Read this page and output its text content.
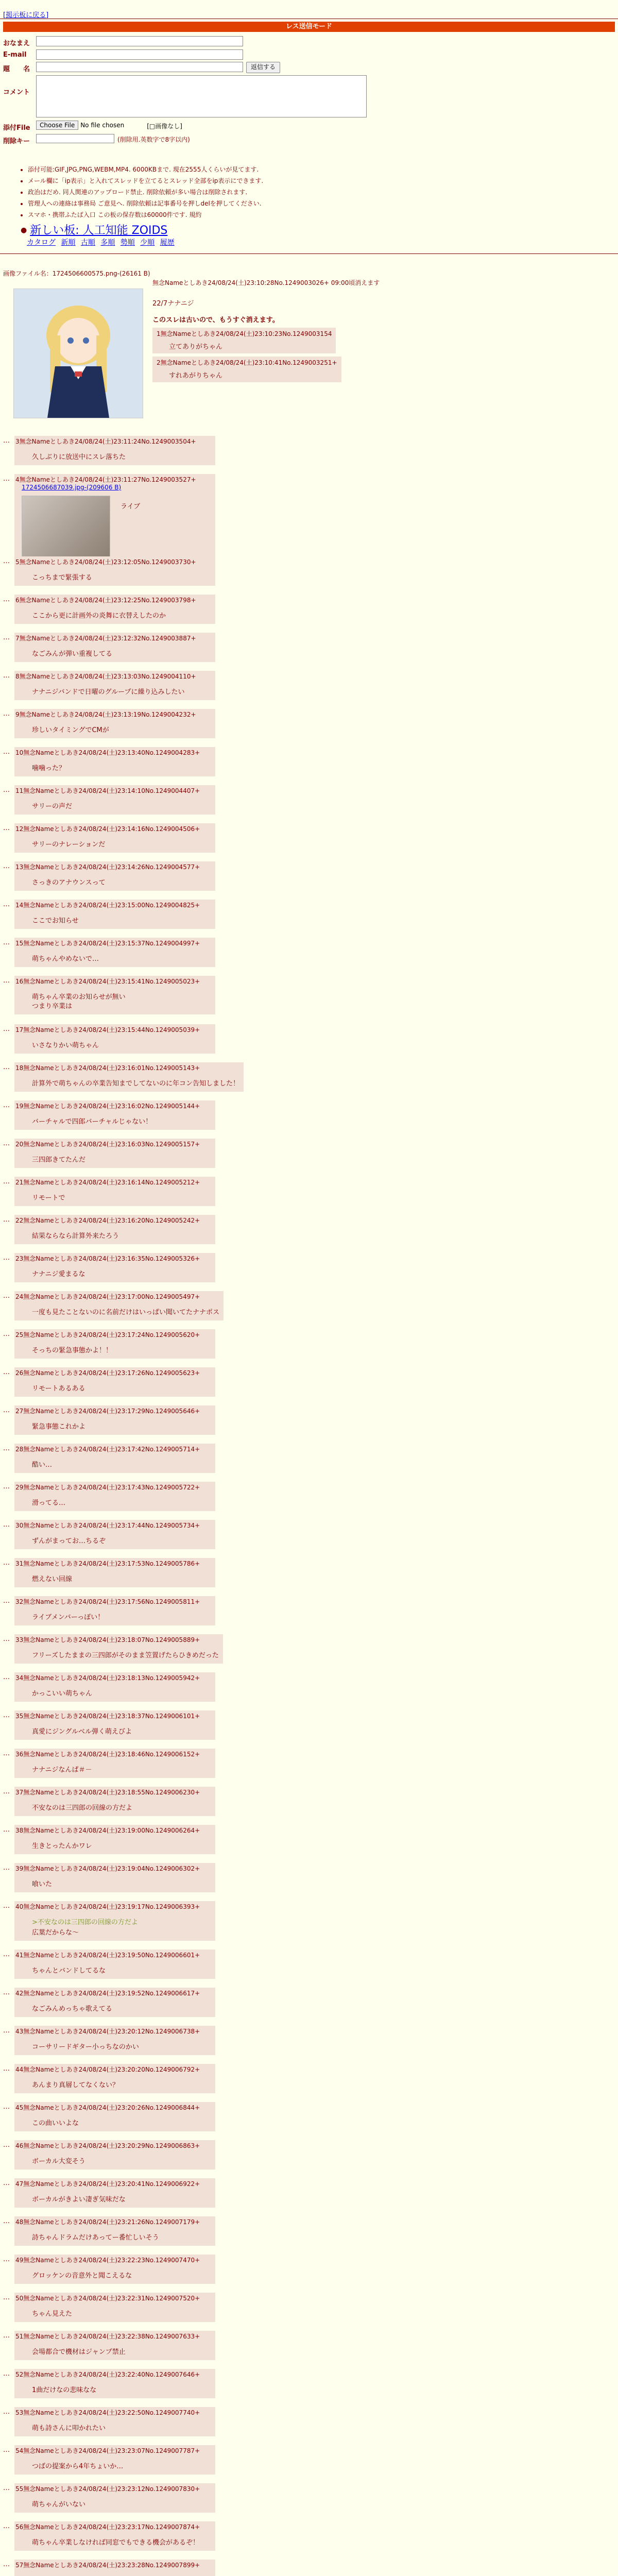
[掲示板に戻る]
レス送信モード
おなまえ
E-mail
題　　名	返信する
コメント
添付File	Choose File No file chosen	[□画像なし]
削除キー	(削除用.英数字で8字以内)
• 添付可能:GIF,JPG,PNG,WEBM,MP4. 6000KBまで. 現在2555人くらいが見てます.
• メール欄に「ip表示」と入れてスレッドを立てるとスレッド全部をip表示にできます.
• 政治はだめ. 同人関連のアップロード禁止. 削除依頼が多い場合は削除されます.
• 管理人への連絡は事務局 ご意見へ. 削除依頼は記事番号を押しdelを押してください.
• スマホ・携帯ふたば入口 この板の保存数は60000件です. 規約
● 新しい板: 人工知能 ZOIDS
カタログ 新順 古順 多順 勢順 少順 履歴
画像ファイル名：1724506600575.png-(26161 B)
無念Nameとしあき24/08/24(土)23:10:28No.1249003026+ 09:00頃消えます
22/7ナナニジ
このスレは古いので、もうすぐ消えます。
1無念Nameとしあき24/08/24(土)23:10:23No.1249003154
立てありがちゃん

2無念Nameとしあき24/08/24(土)23:10:41No.1249003251+
すれあがりちゃん
… 3無念Nameとしあき24/08/24(土)23:11:24No.1249003504+
久しぶりに放送中にスレ落ちた
… 4無念Nameとしあき24/08/24(土)23:11:27No.1249003527+
1724506687039.jpg-(209606 B)
ライブ
… 5無念Nameとしあき24/08/24(土)23:12:05No.1249003730+
こっちまで緊張する
… 6無念Nameとしあき24/08/24(土)23:12:25No.1249003798+
ここから更に計画外の炎舞に衣替えしたのか
… 7無念Nameとしあき24/08/24(土)23:12:32No.1249003887+
なごみんが弾い重複してる
… 8無念Nameとしあき24/08/24(土)23:13:03No.1249004110+
ナナニジバンドで日曜のグループに繰り込みしたい
… 9無念Nameとしあき24/08/24(土)23:13:19No.1249004232+
珍しいタイミングでCMが
… 10無念Nameとしあき24/08/24(土)23:13:40No.1249004283+
噛噛った？
… 11無念Nameとしあき24/08/24(土)23:14:10No.1249004407+
サリーの声だ
… 12無念Nameとしあき24/08/24(土)23:14:16No.1249004506+
サリーのナレーションだ
… 13無念Nameとしあき24/08/24(土)23:14:26No.1249004577+
さっきのアナウンスって
… 14無念Nameとしあき24/08/24(土)23:15:00No.1249004825+
ここでお知らせ
… 15無念Nameとしあき24/08/24(土)23:15:37No.1249004997+
萌ちゃんやめないで…
… 16無念Nameとしあき24/08/24(土)23:15:41No.1249005023+
萌ちゃん卒業のお知らせが無い
つまり卒業は
… 17無念Nameとしあき24/08/24(土)23:15:44No.1249005039+
いさなりかい萌ちゃん
… 18無念Nameとしあき24/08/24(土)23:16:01No.1249005143+
計算外で萌ちゃんの卒業告知までしてないのに年コン告知しました！
… 19無念Nameとしあき24/08/24(土)23:16:02No.1249005144+
バーチャルで四郎バーチャルじゃない！
… 20無念Nameとしあき24/08/24(土)23:16:03No.1249005157+
三四郎きてたんだ
… 21無念Nameとしあき24/08/24(土)23:16:14No.1249005212+
リモートで
… 22無念Nameとしあき24/08/24(土)23:16:20No.1249005242+
結果ならなら計算外来たろう
… 23無念Nameとしあき24/08/24(土)23:16:35No.1249005326+
ナナニジ愛まるな
… 24無念Nameとしあき24/08/24(土)23:17:00No.1249005497+
一度も見たことないのに名前だけはいっぱい聞いてたナナポス
… 25無念Nameとしあき24/08/24(土)23:17:24No.1249005620+
そっちの緊急事態かよ！！
… 26無念Nameとしあき24/08/24(土)23:17:26No.1249005623+
リモートあるある
… 27無念Nameとしあき24/08/24(土)23:17:29No.1249005646+
緊急事態これかよ
… 28無念Nameとしあき24/08/24(土)23:17:42No.1249005714+
酷い…
… 29無念Nameとしあき24/08/24(土)23:17:43No.1249005722+
滑ってる…
… 30無念Nameとしあき24/08/24(土)23:17:44No.1249005734+
ずんがまってお…ちるぞ
… 31無念Nameとしあき24/08/24(土)23:17:53No.1249005786+
燃えない回線
… 32無念Nameとしあき24/08/24(土)23:17:56No.1249005811+
ライブメンバーっぽい！
… 33無念Nameとしあき24/08/24(土)23:18:07No.1249005889+
フリーズしたままの三四郎がそのまま笠置げたらひきめだった
… 34無念Nameとしあき24/08/24(土)23:18:13No.1249005942+
かっこいい萌ちゃん
… 35無念Nameとしあき24/08/24(土)23:18:37No.1249006101+
真愛にジングルベル弾く萌えびよ
… 36無念Nameとしあき24/08/24(土)23:18:46No.1249006152+
ナナニジなんぱ＃－
… 37無念Nameとしあき24/08/24(土)23:18:55No.1249006230+
不安なのは三四郎の回線の方だよ
… 38無念Nameとしあき24/08/24(土)23:19:00No.1249006264+
生きとったんかワレ
… 39無念Nameとしあき24/08/24(土)23:19:04No.1249006302+
喰いた
… 40無念Nameとしあき24/08/24(土)23:19:17No.1249006393+
>不安なのは三四郎の回線の方だよ
広葉だからな～
… 41無念Nameとしあき24/08/24(土)23:19:50No.1249006601+
ちゃんとバンドしてるな
… 42無念Nameとしあき24/08/24(土)23:19:52No.1249006617+
なごみんめっちゃ歌えてる
… 43無念Nameとしあき24/08/24(土)23:20:12No.1249006738+
コーサリードギター小っちなのかい
… 44無念Nameとしあき24/08/24(土)23:20:20No.1249006792+
あんまり真層してなくない？
… 45無念Nameとしあき24/08/24(土)23:20:26No.1249006844+
この曲いいよな
… 46無念Nameとしあき24/08/24(土)23:20:29No.1249006863+
ボーカル大変そう
… 47無念Nameとしあき24/08/24(土)23:20:41No.1249006922+
ボーカルがきよい凄ぎ気味だな
… 48無念Nameとしあき24/08/24(土)23:21:26No.1249007179+
詩ちゃんドラムだけあってー番忙しいそう
… 49無念Nameとしあき24/08/24(土)23:22:23No.1249007470+
グロッケンの音意外と聞こえるな
… 50無念Nameとしあき24/08/24(土)23:22:31No.1249007520+
ちゃん見えた
… 51無念Nameとしあき24/08/24(土)23:22:38No.1249007633+
会場都合で機材はジャンプ禁止
… 52無念Nameとしあき24/08/24(土)23:22:40No.1249007646+
1曲だけなの悲味なな
… 53無念Nameとしあき24/08/24(土)23:22:50No.1249007740+
萌も詩さんに叩かれたい
… 54無念Nameとしあき24/08/24(土)23:23:07No.1249007787+
つばの提案から4年ちょいか…
… 55無念Nameとしあき24/08/24(土)23:23:12No.1249007830+
萌ちゃんがいない
… 56無念Nameとしあき24/08/24(土)23:23:17No.1249007874+
萌ちゃん卒業しなければ同窓でもできる機会があるぞ！
… 57無念Nameとしあき24/08/24(土)23:23:28No.1249007899+
